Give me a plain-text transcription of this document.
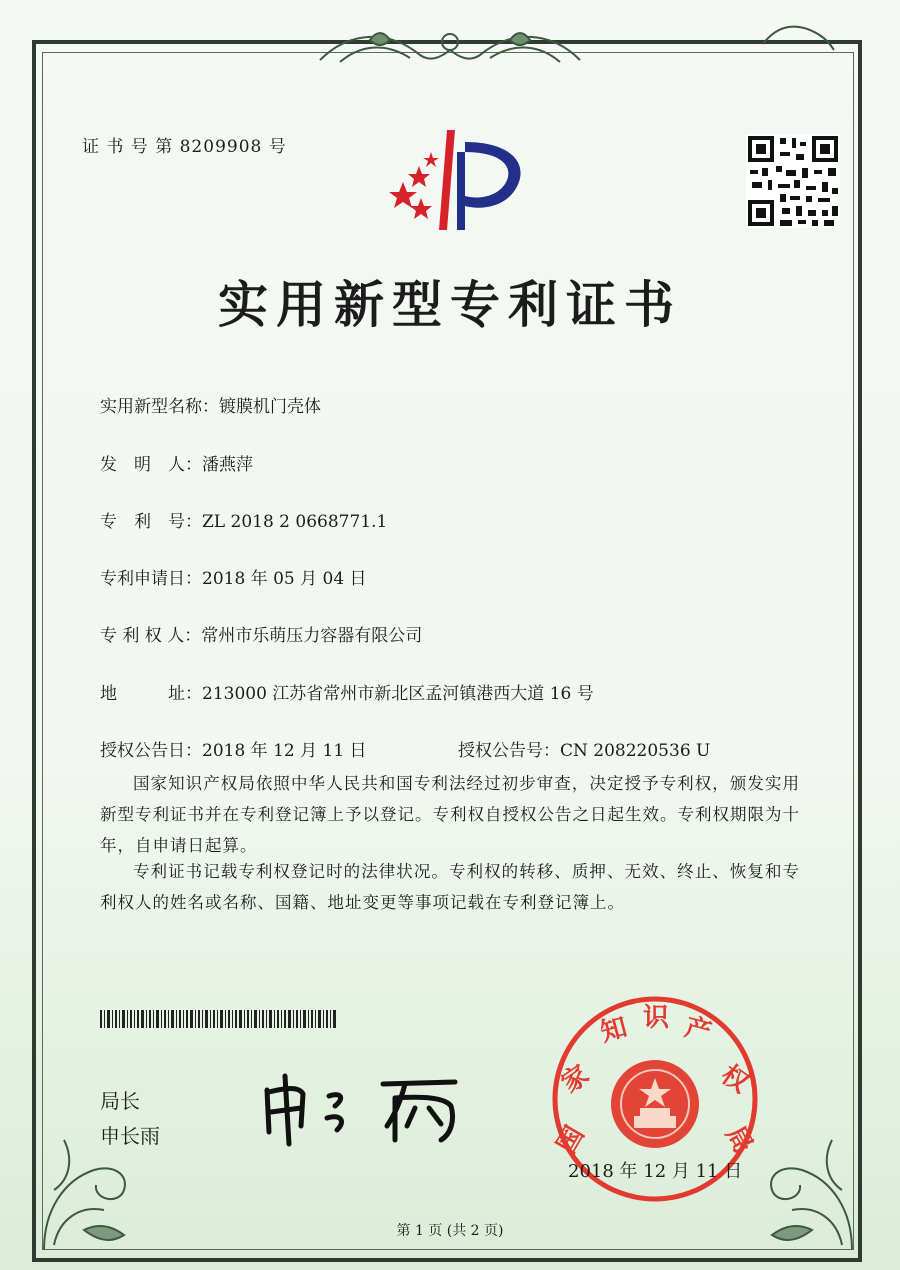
证 书 号 第 8209908 号
实用新型专利证书
实用新型名称：镀膜机门壳体
发　明　人：潘燕萍
专　利　号：ZL 2018 2 0668771.1
专利申请日：2018 年 05 月 04 日
专 利 权 人：常州市乐萌压力容器有限公司
地　　　址：213000 江苏省常州市新北区孟河镇港西大道 16 号
授权公告日：2018 年 12 月 11 日	授权公告号：CN 208220536 U
国家知识产权局依照中华人民共和国专利法经过初步审查，决定授予专利权，颁发实用新型专利证书并在专利登记簿上予以登记。专利权自授权公告之日起生效。专利权期限为十年，自申请日起算。
专利证书记载专利权登记时的法律状况。专利权的转移、质押、无效、终止、恢复和专利权人的姓名或名称、国籍、地址变更等事项记载在专利登记簿上。
局长
申长雨	国
家
知 识 产
权
局
2018 年 12 月 11 日
第 1 页 (共 2 页)
